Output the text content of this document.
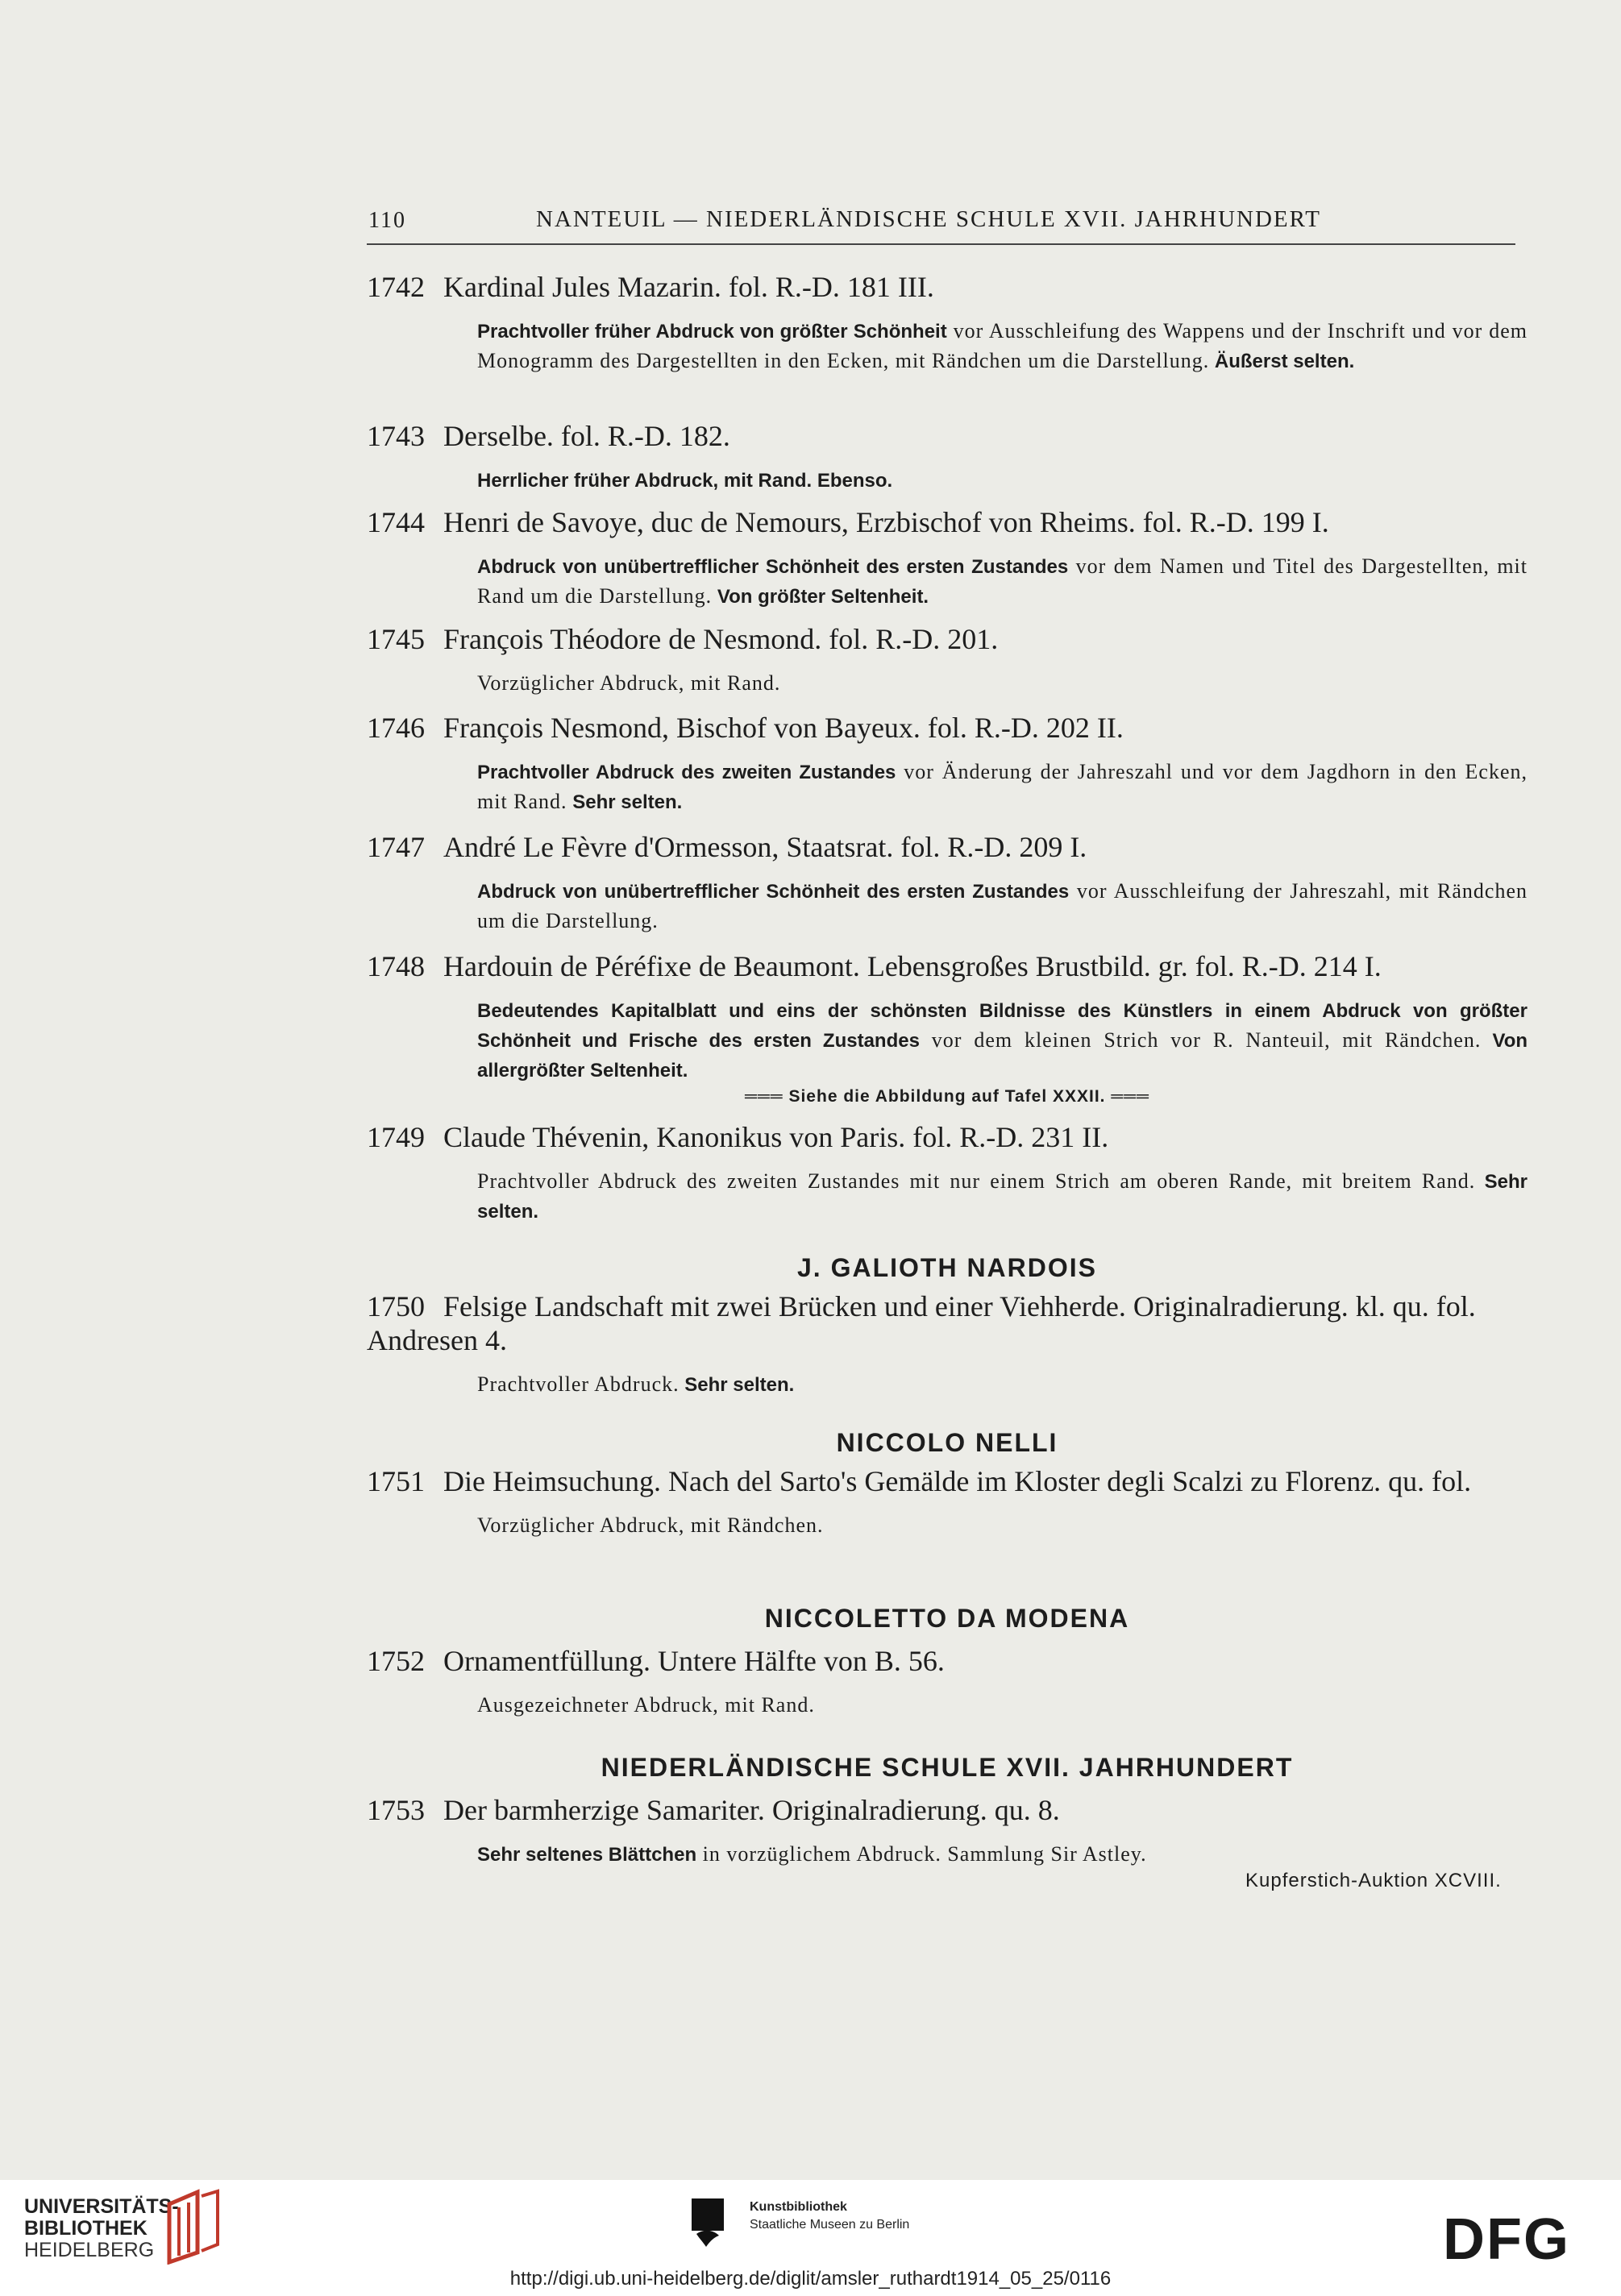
110	NANTEUIL — NIEDERLÄNDISCHE SCHULE XVII. JAHRHUNDERT
1742 Kardinal Jules Mazarin. fol. R.-D. 181 III.
Prachtvoller früher Abdruck von größter Schönheit vor Ausschleifung des Wappens und der Inschrift und vor dem Monogramm des Dargestellten in den Ecken, mit Rändchen um die Darstellung. Äußerst selten.
1743 Derselbe. fol. R.-D. 182.
Herrlicher früher Abdruck, mit Rand. Ebenso.
1744 Henri de Savoye, duc de Nemours, Erzbischof von Rheims. fol. R.-D. 199 I.
Abdruck von unübertrefflicher Schönheit des ersten Zustandes vor dem Namen und Titel des Dargestellten, mit Rand um die Darstellung. Von größter Seltenheit.
1745 François Théodore de Nesmond. fol. R.-D. 201.
Vorzüglicher Abdruck, mit Rand.
1746 François Nesmond, Bischof von Bayeux. fol. R.-D. 202 II.
Prachtvoller Abdruck des zweiten Zustandes vor Änderung der Jahreszahl und vor dem Jagdhorn in den Ecken, mit Rand. Sehr selten.
1747 André Le Fèvre d'Ormesson, Staatsrat. fol. R.-D. 209 I.
Abdruck von unübertrefflicher Schönheit des ersten Zustandes vor Ausschleifung der Jahreszahl, mit Rändchen um die Darstellung.
1748 Hardouin de Péréfixe de Beaumont. Lebensgroßes Brustbild. gr. fol. R.-D. 214 I.
Bedeutendes Kapitalblatt und eins der schönsten Bildnisse des Künstlers in einem Abdruck von größter Schönheit und Frische des ersten Zustandes vor dem kleinen Strich vor R. Nanteuil, mit Rändchen. Von allergrößter Seltenheit.
═══ Siehe die Abbildung auf Tafel XXXII. ═══
1749 Claude Thévenin, Kanonikus von Paris. fol. R.-D. 231 II.
Prachtvoller Abdruck des zweiten Zustandes mit nur einem Strich am oberen Rande, mit breitem Rand. Sehr selten.
J. GALIOTH NARDOIS
1750 Felsige Landschaft mit zwei Brücken und einer Viehherde. Originalradierung. kl. qu. fol. Andresen 4.
Prachtvoller Abdruck. Sehr selten.
NICCOLO NELLI
1751 Die Heimsuchung. Nach del Sarto's Gemälde im Kloster degli Scalzi zu Florenz. qu. fol.
Vorzüglicher Abdruck, mit Rändchen.
NICCOLETTO DA MODENA
1752 Ornamentfüllung. Untere Hälfte von B. 56.
Ausgezeichneter Abdruck, mit Rand.
NIEDERLÄNDISCHE SCHULE XVII. JAHRHUNDERT
1753 Der barmherzige Samariter. Originalradierung. qu. 8.
Sehr seltenes Blättchen in vorzüglichem Abdruck. Sammlung Sir Astley.
Kupferstich-Auktion XCVIII.
UNIVERSITÄTS-
BIBLIOTHEK
HEIDELBERG
Kunstbibliothek
Staatliche Museen zu Berlin	DFG
http://digi.ub.uni-heidelberg.de/diglit/amsler_ruthardt1914_05_25/0116
